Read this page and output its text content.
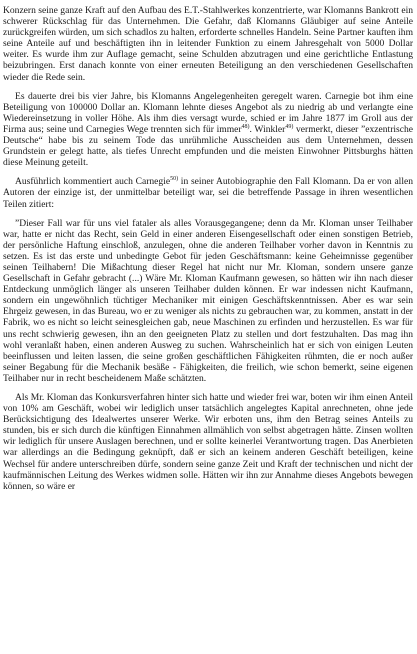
Konzern seine ganze Kraft auf den Aufbau des E.T.-Stahlwerkes konzentrierte, war Klomanns Bankrott ein schwerer Rückschlag für das Unternehmen. Die Gefahr, daß Klomanns Gläubiger auf seine Anteile zurückgreifen würden, um sich schadlos zu halten, erforderte schnelles Handeln. Seine Partner kauften ihm seine Anteile auf und beschäftigten ihn in leitender Funktion zu einem Jahresgehalt von 5000 Dollar weiter. Es wurde ihm zur Auflage gemacht, seine Schulden abzutragen und eine gerichtliche Entlastung beizubringen. Erst danach konnte von einer erneuten Beteiligung an den verschiedenen Gesellschaften wieder die Rede sein.

Es dauerte drei bis vier Jahre, bis Klomanns Angelegenheiten geregelt waren. Carnegie bot ihm eine Beteiligung von 100000 Dollar an. Klomann lehnte dieses Angebot als zu niedrig ab und verlangte eine Wiedereinsetzung in voller Höhe. Als ihm dies versagt wurde, schied er im Jahre 1877 im Groll aus der Firma aus; seine und Carnegies Wege trennten sich für immer$^{48)}$. Winkler$^{49)}$ vermerkt, dieser ”exzentrische Deutsche“ habe bis zu seinem Tode das unrühmliche Ausscheiden aus dem Unternehmen, dessen Grundstein er gelegt hatte, als tiefes Unrecht empfunden und die meisten Einwohner Pittsburghs hätten diese Meinung geteilt.

Ausführlich kommentiert auch Carnegie$^{50)}$ in seiner Autobiographie den Fall Klomann. Da er von allen Autoren der einzige ist, der unmittelbar beteiligt war, sei die betreffende Passage in ihren wesentlichen Teilen zitiert:

”Dieser Fall war für uns viel fataler als alles Vorausgegangene; denn da Mr. Kloman unser Teilhaber war, hatte er nicht das Recht, sein Geld in einer anderen Eisengesellschaft oder einen sonstigen Betrieb, der persönliche Haftung einschloß, anzulegen, ohne die anderen Teilhaber vorher davon in Kenntnis zu setzen. Es ist das erste und unbedingte Gebot für jeden Geschäftsmann: keine Geheimnisse gegenüber seinen Teilhabern! Die Mißachtung dieser Regel hat nicht nur Mr. Kloman, sondern unsere ganze Gesellschaft in Gefahr gebracht (...) Wäre Mr. Kloman Kaufmann gewesen, so hätten wir ihn nach dieser Entdeckung unmöglich länger als unseren Teilhaber dulden können. Er war indessen nicht Kaufmann, sondern ein ungewöhnlich tüchtiger Mechaniker mit einigen Geschäftskenntnissen. Aber es war sein Ehrgeiz gewesen, in das Bureau, wo er zu weniger als nichts zu gebrauchen war, zu kommen, anstatt in der Fabrik, wo es nicht so leicht seinesgleichen gab, neue Maschinen zu erfinden und herzustellen. Es war für uns recht schwierig gewesen, ihn an den geeigneten Platz zu stellen und dort festzuhalten. Das mag ihn wohl veranlaßt haben, einen anderen Ausweg zu suchen. Wahrscheinlich hat er sich von einigen Leuten beeinflussen und leiten lassen, die seine großen geschäftlichen Fähigkeiten rühmten, die er noch außer seiner Begabung für die Mechanik besäße - Fähigkeiten, die freilich, wie schon bemerkt, seine eigenen Teilhaber nur in recht bescheidenem Maße schätzten.

Als Mr. Kloman das Konkursverfahren hinter sich hatte und wieder frei war, boten wir ihm einen Anteil von 10% am Geschäft, wobei wir lediglich unser tatsächlich angelegtes Kapital anrechneten, ohne jede Berücksichtigung des Idealwertes unserer Werke. Wir erboten uns, ihm den Betrag seines Anteils zu stunden, bis er sich durch die künftigen Einnahmen allmählich von selbst abgetragen hätte. Zinsen wollten wir lediglich für unsere Auslagen berechnen, und er sollte keinerlei Verantwortung tragen. Das Anerbieten war allerdings an die Bedingung geknüpft, daß er sich an keinem anderen Geschäft beteiligen, keine Wechsel für andere unterschreiben dürfe, sondern seine ganze Zeit und Kraft der technischen und nicht der kaufmännischen Leitung des Werkes widmen solle. Hätten wir ihn zur Annahme dieses Angebots bewegen können, so wäre er
